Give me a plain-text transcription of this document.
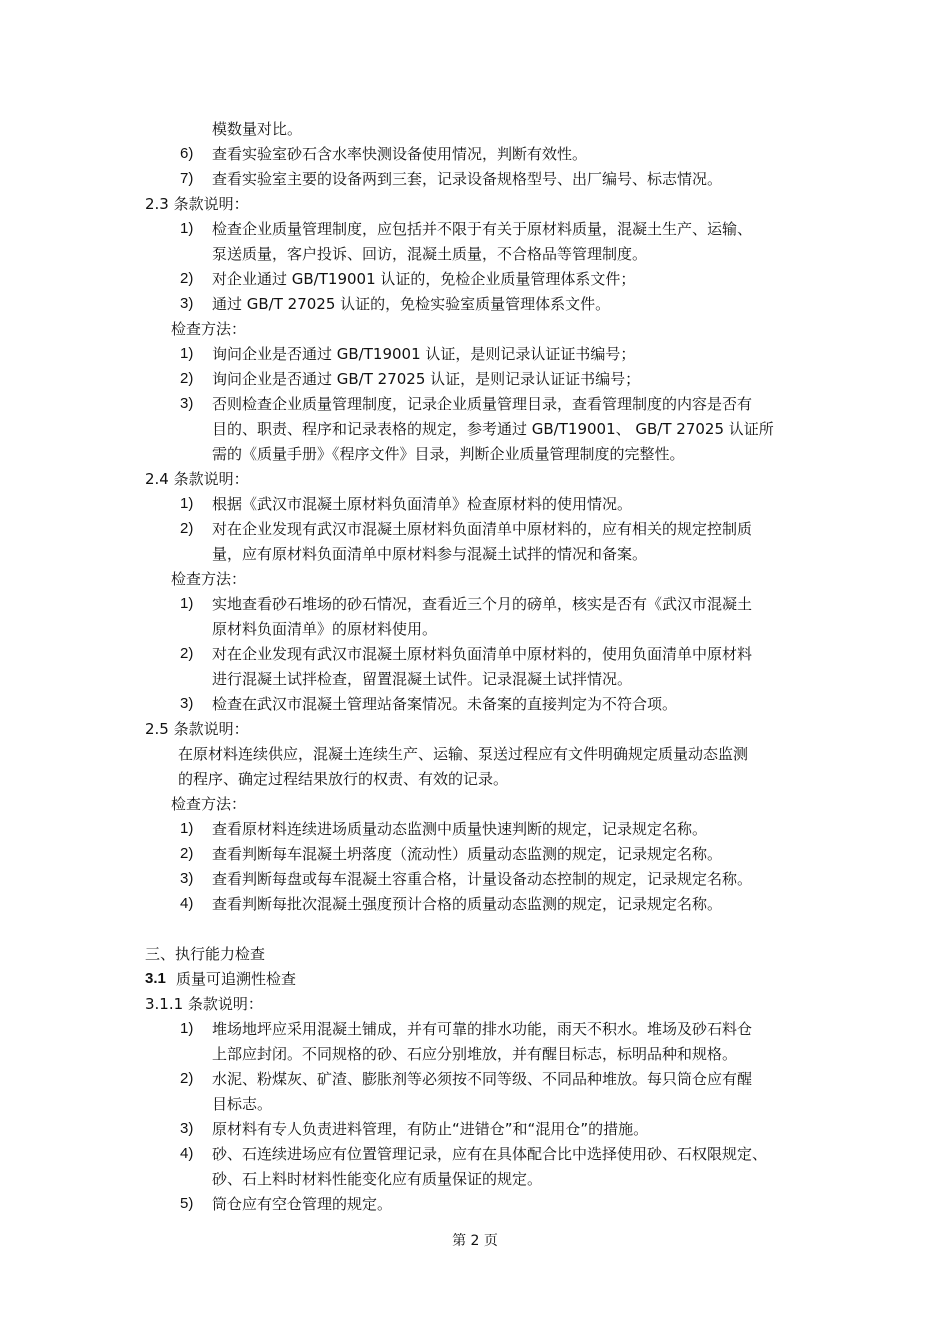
模数量对比。
6) 查看实验室砂石含水率快测设备使用情况，判断有效性。
7) 查看实验室主要的设备两到三套，记录设备规格型号、出厂编号、标志情况。
2.3 条款说明：
1) 检查企业质量管理制度，应包括并不限于有关于原材料质量，混凝土生产、运输、
泵送质量，客户投诉、回访，混凝土质量，不合格品等管理制度。
2) 对企业通过 GB/T19001 认证的，免检企业质量管理体系文件；
3) 通过 GB/T 27025 认证的，免检实验室质量管理体系文件。
检查方法：
1) 询问企业是否通过 GB/T19001 认证，是则记录认证证书编号；
2) 询问企业是否通过 GB/T 27025 认证，是则记录认证证书编号；
3) 否则检查企业质量管理制度，记录企业质量管理目录，查看管理制度的内容是否有
目的、职责、程序和记录表格的规定，参考通过 GB/T19001、 GB/T 27025 认证所
需的《质量手册》《程序文件》目录，判断企业质量管理制度的完整性。
2.4 条款说明：
1) 根据《武汉市混凝土原材料负面清单》检查原材料的使用情况。
2) 对在企业发现有武汉市混凝土原材料负面清单中原材料的，应有相关的规定控制质
量，应有原材料负面清单中原材料参与混凝土试拌的情况和备案。
检查方法：
1) 实地查看砂石堆场的砂石情况，查看近三个月的磅单，核实是否有《武汉市混凝土
原材料负面清单》的原材料使用。
2) 对在企业发现有武汉市混凝土原材料负面清单中原材料的，使用负面清单中原材料
进行混凝土试拌检查，留置混凝土试件。记录混凝土试拌情况。
3) 检查在武汉市混凝土管理站备案情况。未备案的直接判定为不符合项。
2.5 条款说明：
在原材料连续供应，混凝土连续生产、运输、泵送过程应有文件明确规定质量动态监测
的程序、确定过程结果放行的权责、有效的记录。
检查方法：
1) 查看原材料连续进场质量动态监测中质量快速判断的规定，记录规定名称。
2) 查看判断每车混凝土坍落度（流动性）质量动态监测的规定，记录规定名称。
3) 查看判断每盘或每车混凝土容重合格，计量设备动态控制的规定，记录规定名称。
4) 查看判断每批次混凝土强度预计合格的质量动态监测的规定，记录规定名称。
三、执行能力检查
3.1 质量可追溯性检查
3.1.1 条款说明：
1) 堆场地坪应采用混凝土铺成，并有可靠的排水功能，雨天不积水。堆场及砂石料仓
上部应封闭。不同规格的砂、石应分别堆放，并有醒目标志，标明品种和规格。
2) 水泥、粉煤灰、矿渣、膨胀剂等必须按不同等级、不同品种堆放。每只筒仓应有醒
目标志。
3) 原材料有专人负责进料管理，有防止“进错仓”和“混用仓”的措施。
4) 砂、石连续进场应有位置管理记录，应有在具体配合比中选择使用砂、石权限规定、
砂、石上料时材料性能变化应有质量保证的规定。
5) 筒仓应有空仓管理的规定。
第 2 页
